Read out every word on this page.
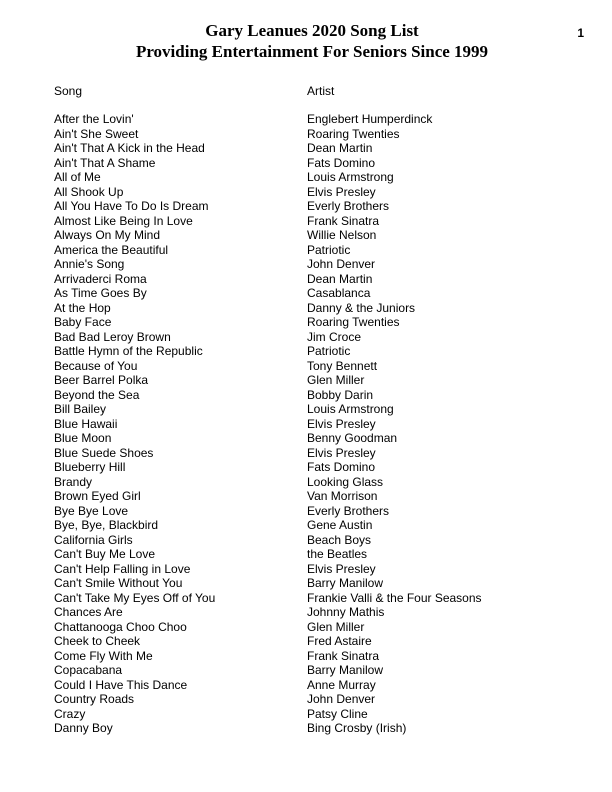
Gary Leanues 2020 Song List
Providing Entertainment For Seniors Since 1999
1
Song	Artist
After the Lovin'	Englebert Humperdinck
Ain't She Sweet	Roaring Twenties
Ain't That A Kick in the Head	Dean Martin
Ain't That A Shame	Fats Domino
All of Me	Louis Armstrong
All Shook Up	Elvis Presley
All You Have To Do Is Dream	Everly Brothers
Almost Like Being In Love	Frank Sinatra
Always On My Mind	Willie Nelson
America the Beautiful	Patriotic
Annie's Song	John Denver
Arrivaderci Roma	Dean Martin
As Time Goes By	Casablanca
At the Hop	Danny & the Juniors
Baby Face	Roaring Twenties
Bad Bad Leroy Brown	Jim Croce
Battle Hymn of the Republic	Patriotic
Because of You	Tony Bennett
Beer Barrel Polka	Glen Miller
Beyond the Sea	Bobby Darin
Bill Bailey	Louis Armstrong
Blue Hawaii	Elvis Presley
Blue Moon	Benny Goodman
Blue Suede Shoes	Elvis Presley
Blueberry Hill	Fats Domino
Brandy	Looking Glass
Brown Eyed Girl	Van Morrison
Bye Bye Love	Everly Brothers
Bye, Bye, Blackbird	Gene Austin
California Girls	Beach Boys
Can't Buy Me Love	the Beatles
Can't Help Falling in Love	Elvis Presley
Can't Smile Without You	Barry Manilow
Can't Take My Eyes Off of You	Frankie Valli & the Four Seasons
Chances Are	Johnny Mathis
Chattanooga Choo Choo	Glen Miller
Cheek to Cheek	Fred Astaire
Come Fly With Me	Frank Sinatra
Copacabana	Barry Manilow
Could I Have This Dance	Anne Murray
Country Roads	John Denver
Crazy	Patsy Cline
Danny Boy	Bing Crosby (Irish)
